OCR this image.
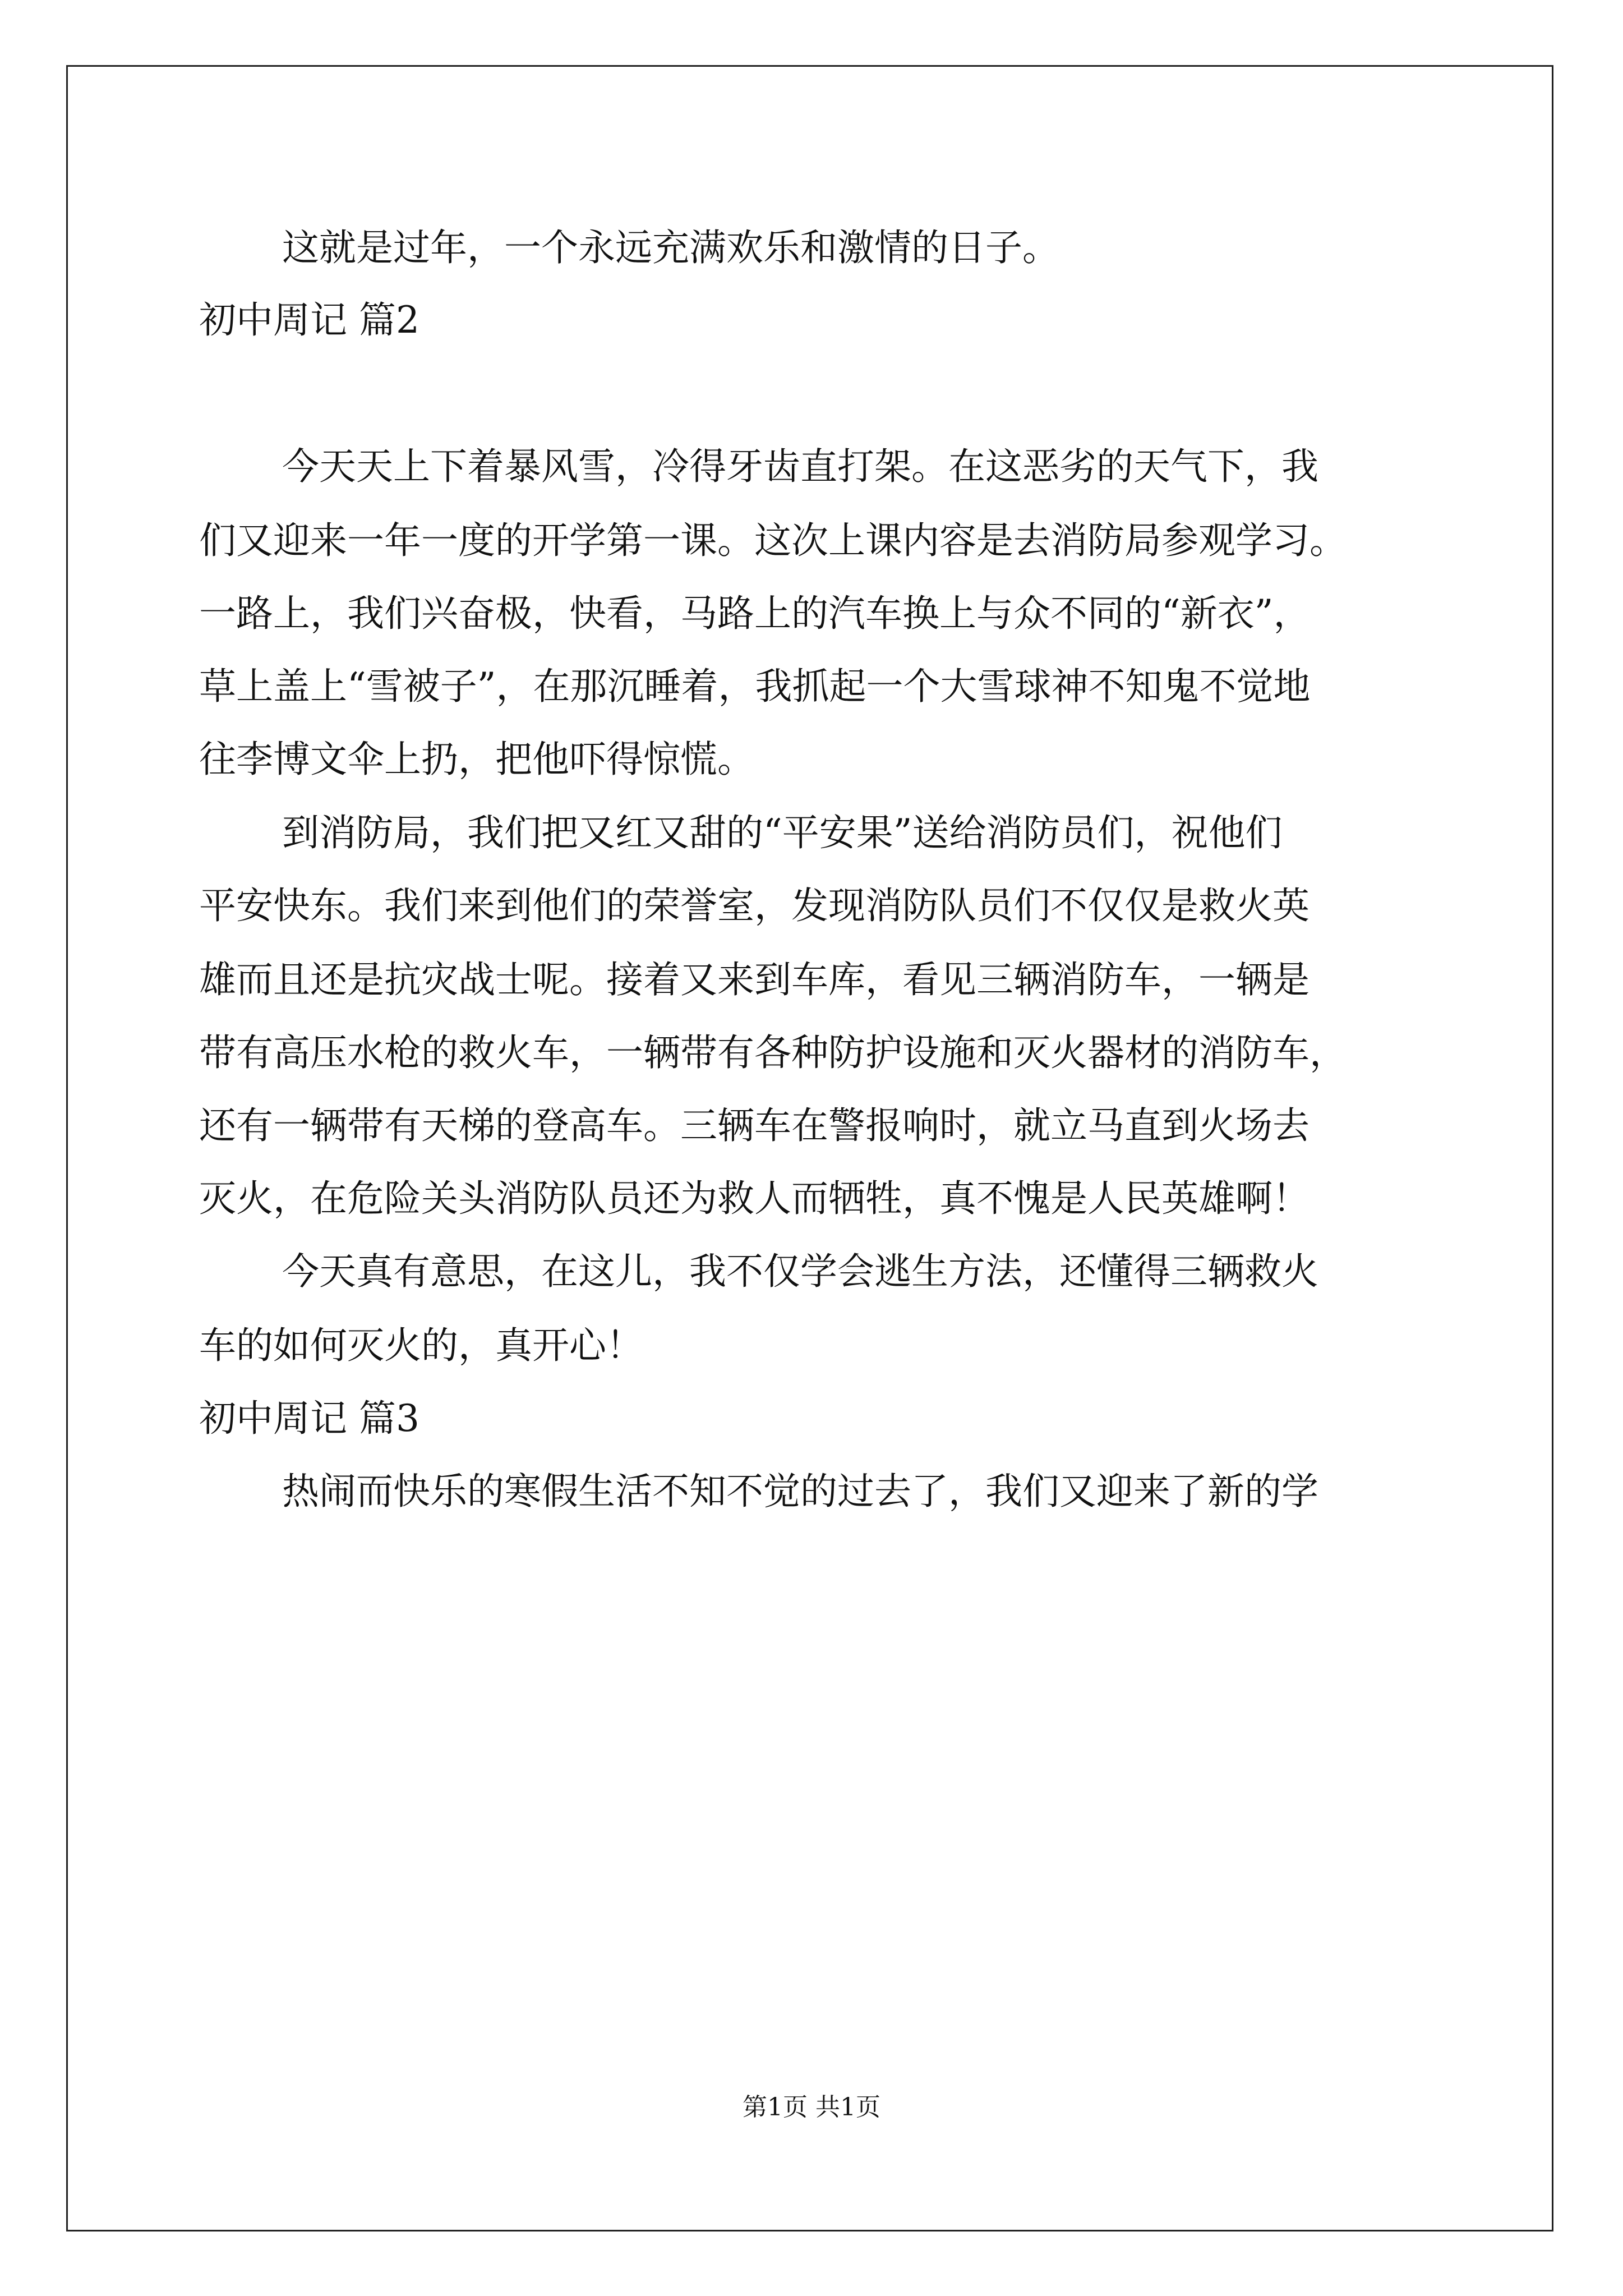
这就是过年，一个永远充满欢乐和激情的日子。
初中周记 篇2
今天天上下着暴风雪，冷得牙齿直打架。在这恶劣的天气下，我
们又迎来一年一度的开学第一课。这次上课内容是去消防局参观学习。
一路上，我们兴奋极，快看，马路上的汽车换上与众不同的“新衣”，
草上盖上“雪被子”，在那沉睡着，我抓起一个大雪球神不知鬼不觉地
往李博文伞上扔，把他吓得惊慌。
到消防局，我们把又红又甜的“平安果”送给消防员们，祝他们
平安快东。我们来到他们的荣誉室，发现消防队员们不仅仅是救火英
雄而且还是抗灾战士呢。接着又来到车库，看见三辆消防车，一辆是
带有高压水枪的救火车，一辆带有各种防护设施和灭火器材的消防车，
还有一辆带有天梯的登高车。三辆车在警报响时，就立马直到火场去
灭火，在危险关头消防队员还为救人而牺牲，真不愧是人民英雄啊！
今天真有意思，在这儿，我不仅学会逃生方法，还懂得三辆救火
车的如何灭火的，真开心！
初中周记 篇3
热闹而快乐的寒假生活不知不觉的过去了，我们又迎来了新的学
第1页 共1页
